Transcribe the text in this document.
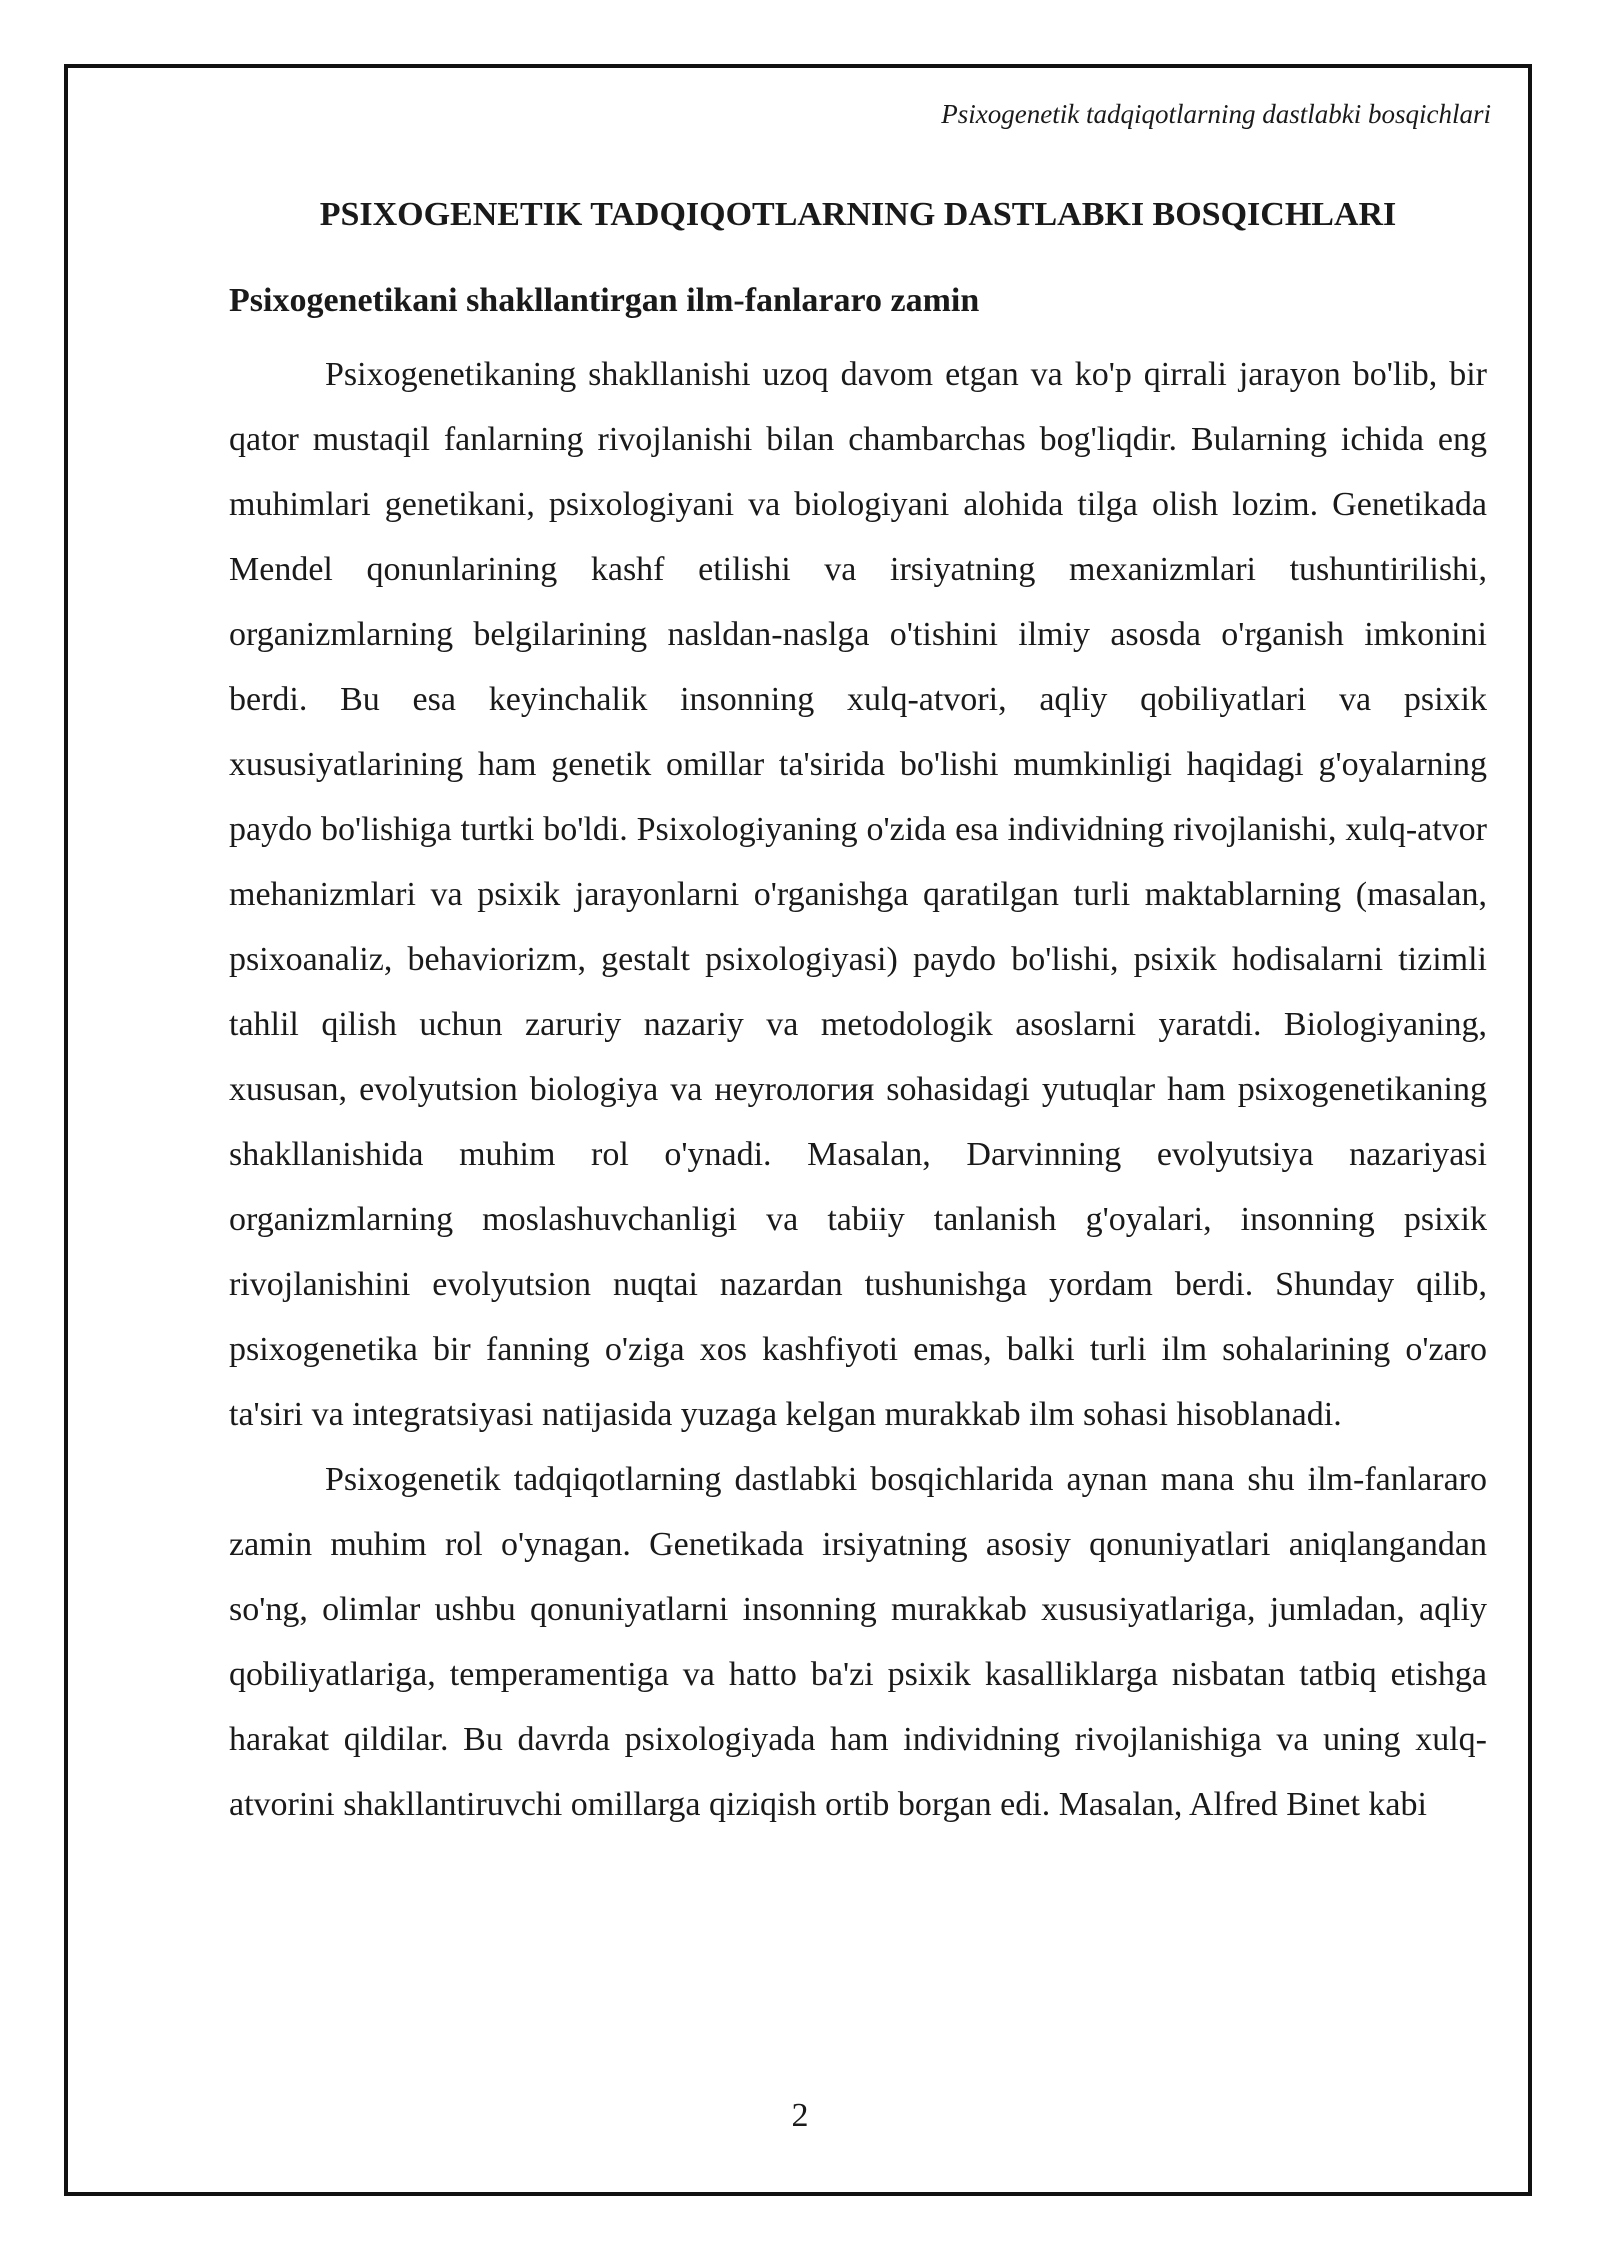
Psixogenetik tadqiqotlarning dastlabki bosqichlari
PSIXOGENETIK TADQIQOTLARNING DASTLABKI BOSQICHLARI
Psixogenetikani shakllantirgan ilm-fanlararo zamin

Psixogenetikaning shakllanishi uzoq davom etgan va ko'p qirrali jarayon bo'lib, bir qator mustaqil fanlarning rivojlanishi bilan chambarchas bog'liqdir. Bularning ichida eng muhimlari genetikani, psixologiyani va biologiyani alohida tilga olish lozim. Genetikada Mendel qonunlarining kashf etilishi va irsiyatning mexanizmlari tushuntirilishi, organizmlarning belgilarining nasldan-naslga o'tishini ilmiy asosda o'rganish imkonini berdi. Bu esa keyinchalik insonning xulq-atvori, aqliy qobiliyatlari va psixik xususiyatlarining ham genetik omillar ta'sirida bo'lishi mumkinligi haqidagi g'oyalarning paydo bo'lishiga turtki bo'ldi. Psixologiyaning o'zida esa individning rivojlanishi, xulq-atvor mehanizmlari va psixik jarayonlarni o'rganishga qaratilgan turli maktablarning (masalan, psixoanaliz, behaviorizm, gestalt psixologiyasi) paydo bo'lishi, psixik hodisalarni tizimli tahlil qilish uchun zaruriy nazariy va metodologik asoslarni yaratdi. Biologiyaning, xususan, evolyutsion biologiya va неyrология sohasidagi yutuqlar ham psixogenetikaning shakllanishida muhim rol o'ynadi. Masalan, Darvinning evolyutsiya nazariyasi organizmlarning moslashuvchanligi va tabiiy tanlanish g'oyalari, insonning psixik rivojlanishini evolyutsion nuqtai nazardan tushunishga yordam berdi. Shunday qilib, psixogenetika bir fanning o'ziga xos kashfiyoti emas, balki turli ilm sohalarining o'zaro ta'siri va integratsiyasi natijasida yuzaga kelgan murakkab ilm sohasi hisoblanadi.

Psixogenetik tadqiqotlarning dastlabki bosqichlarida aynan mana shu ilm-fanlararo zamin muhim rol o'ynagan. Genetikada irsiyatning asosiy qonuniyatlari aniqlangandan so'ng, olimlar ushbu qonuniyatlarni insonning murakkab xususiyatlariga, jumladan, aqliy qobiliyatlariga, temperamentiga va hatto ba'zi psixik kasalliklarga nisbatan tatbiq etishga harakat qildilar. Bu davrda psixologiyada ham individning rivojlanishiga va uning xulq-atvorini shakllantiruvchi omillarga qiziqish ortib borgan edi. Masalan, Alfred Binet kabi

2
